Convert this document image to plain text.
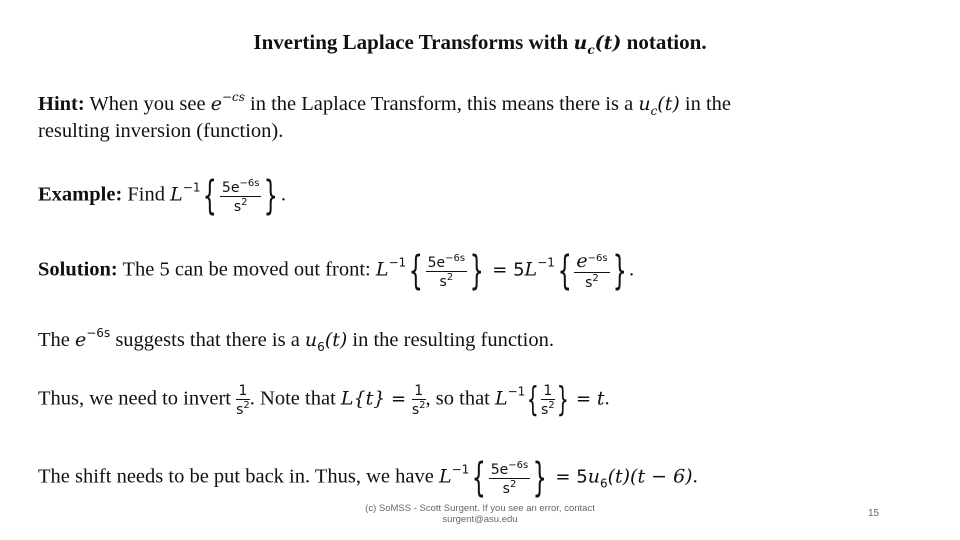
Inverting Laplace Transforms with $u_c(t)$ notation.
Hint: When you see $e^{-cs}$ in the Laplace Transform, this means there is a $u_c(t)$ in the
resulting inversion (function).
Example: Find $L^{-1}\{ \frac{5e^{-6s}}{s^2}$ } .
Solution: The 5 can be moved out front: $L^{-1}\{ \frac{5e^{-6s}}{s^2}$ } = $5L^{-1}\{ \frac{e^{-6s}}{s^2}$ } .
The $e^{-6s}$ suggests that there is a $u_6(t)$ in the resulting function.
Thus, we need to invert $\frac{1}{s^2}$ . Note that $L\{t\} = \frac{1}{s^2}$ , so that $L^{-1}\{ \frac{1}{s^2}$ } = t.
The shift needs to be put back in. Thus, we have $L^{-1}\{ \frac{5e^{-6s}}{s^2}$ } = $5u_6(t)(t - 6)$.
(c) SoMSS - Scott Surgent. If you see an error, contact surgent@asu.edu
15
